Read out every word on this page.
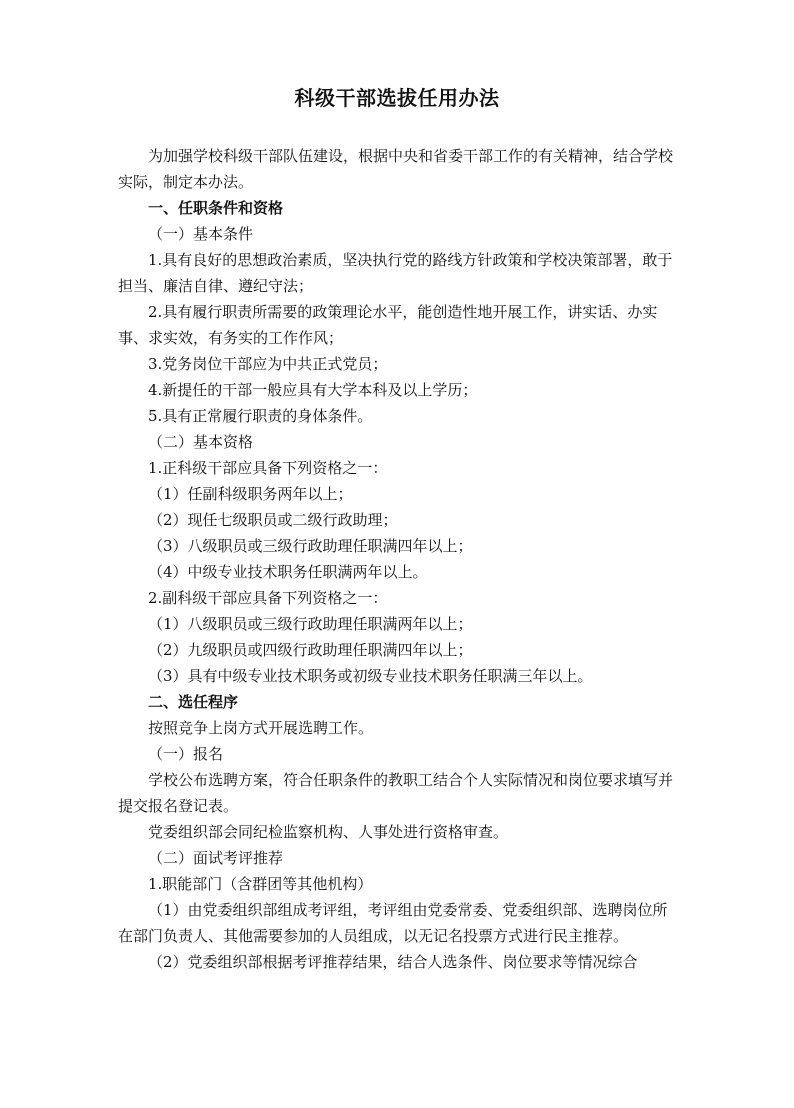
科级干部选拔任用办法

为加强学校科级干部队伍建设，根据中央和省委干部工作的有关精神，结合学校实际，制定本办法。

一、任职条件和资格

（一）基本条件

1.具有良好的思想政治素质，坚决执行党的路线方针政策和学校决策部署，敢于担当、廉洁自律、遵纪守法；

2.具有履行职责所需要的政策理论水平，能创造性地开展工作，讲实话、办实事、求实效，有务实的工作作风；

3.党务岗位干部应为中共正式党员；

4.新提任的干部一般应具有大学本科及以上学历；

5.具有正常履行职责的身体条件。

（二）基本资格

1.正科级干部应具备下列资格之一：

（1）任副科级职务两年以上；

（2）现任七级职员或二级行政助理；

（3）八级职员或三级行政助理任职满四年以上；

（4）中级专业技术职务任职满两年以上。

2.副科级干部应具备下列资格之一：

（1）八级职员或三级行政助理任职满两年以上；

（2）九级职员或四级行政助理任职满四年以上；

（3）具有中级专业技术职务或初级专业技术职务任职满三年以上。

二、选任程序

按照竞争上岗方式开展选聘工作。

（一）报名

学校公布选聘方案，符合任职条件的教职工结合个人实际情况和岗位要求填写并提交报名登记表。

党委组织部会同纪检监察机构、人事处进行资格审查。

（二）面试考评推荐

1.职能部门（含群团等其他机构）

（1）由党委组织部组成考评组，考评组由党委常委、党委组织部、选聘岗位所在部门负责人、其他需要参加的人员组成，以无记名投票方式进行民主推荐。

（2）党委组织部根据考评推荐结果，结合人选条件、岗位要求等情况综合
